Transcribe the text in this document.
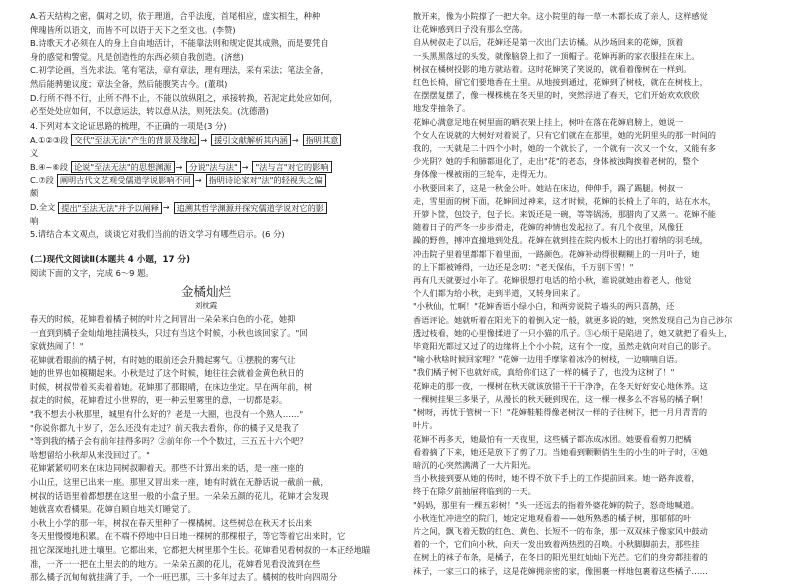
A.若天结构之密，偶对之切，依于理道，合乎法度，首尾相应，虚实相生，种种

俾瑰皆所以语文，而皆不可以语于天下之至文也。(李赞)

B.诗歌天才必须在人的身上自由地活计，不能靠法则和规定促其成熟，而是要凭自

身的感觉和警觉。凡是创造性的东西必须自我创造。(济慈)

C.初学论画，当先求法。笔有笔法，章有章法，理有理法，采有采法；笔法全备，

然后能骋驰议度；章法全备，然后能腹笑古今。(董琪)

D.行所不得不行，止所不得不止，不能以放纵阻之，承接转换，若泥定此处应如何，

必至处处应如何，不以意运法，转以意从法，则死法矣。(沈德潜)

4.下列对本文论证思路的梳理，不正确的一项是(3 分)

A.①②③段 交代"至法无法"产生的背景及缘起 → 援引文献解析其内涵 → 指明其意

义

B.④~⑥段 论说"至法无法"的思想渊源 → 分说"法与法" → "法与言"对它的影响
C.⑦段 阐明古代文艺观受儒道学说影响不同 → 指明诗论家对"法"的轻视失之偏

颇

D.全文 提出"至法无法"并予以阐释 → 追溯其哲学渊源并探究儒道学说对它的影

响

5.请结合本文观点，谈谈它对我们当前的语文学习有哪些启示。(6 分)

(二)现代文阅读Ⅱ(本题共 4 小题，17 分)

阅读下面的文字，完成 6～9 题。

金橘灿烂

刘枕霞

春天的时候，花婶看着橘子树的叶片之间冒出一朵朵米白色的小花，她抑

一直到到橘子金灿灿地挂满枝头，只过有当这个时候，小秋也该回家了。"回

家就热闹了！"

花婶就看眼前的橘子树，有时她的眼前还会升腾起雾气。①摆脱的雾气让

她的世界也如模糊起来。小秋是过了这个时候，她往往会就着金黄色秋日的

时候，树叔带着买卖着着她。花婶那了那眼晴，在床边坐定。早在两年前，树

叔走的时候，花婶看过小世界的，更一种云里雾里的意，一切都是彩。

"我不想去小秋那里，城里有什么好的？老是一大圈，也没有一个熟人……"

"你说你都九十岁了，怎么还没有走过？前天我去看你，你的橘子又是我了

"等到我的橘子会有前年挂得多吗？②前年你一个个数过，三五五十六个吧？

啥想留给小秋却从来没回过了。"

花婶紧紧叨叨来在床边同树叔聊着天。那些不计算出来的话，是一座一座的

小山丘，这里已出来一座。那里又冒出来一座，她有时就在无静话说一截前一截，

树叔的话语里着都想摆在这里一般的小盒子里。一朵朵五颜的花儿，花婶才会发现

她就喜欢看橘果。花婶自顾自地关灯睡觉了。

小秋上小学的那一年，树叔在春天里种了一棵橘树。这些树总在秋天才长出来

冬天里慢慢地积累。在不端不停地中日日地一棵树的那棵根子，等它等着它出来时，它

扭它深深地扎进土壤里。它都出来，它都把大树里那个生长。花婶看见看树叔的一本正经地瞄

准，一齐一一把在土里去的的地方。一朵朵五颜的花儿，花婶看见看没流到在些

那么橘子沉甸甸就挂满了手，一个一旺巴那，三十多年过去了。橘树的枝叶向四周分

散开来，像为小院撑了一把大伞。这小院里的每一草一木都长成了亲人，这样感觉

让花婶感到日子没有那么空荡。

自从树叔走了以后，花婶还是第一次出门去访橘。从沙场回来的花婶，顶着

一头黑黑落过的头发，就像脑袋上扣了一顶帽子。花婶再新的家衣服挂在床上。

树叔在橘树投影的地方就站着。这时花婶笑了笑说的，就看着像树在一样到。

红色长椅，留它们要地香在土里。从地接到通过，花婶到了树枝，就在在树枝上，

在摆摆复摆了，像一棵株桃在冬天里的时，突然浮进了春天，它们开始欢欢欣欣

地发芽抽条了。

花婶心满意足地在树里面的晒衣架上挂上，树叶在落在花婶肩膀上，她说一

个女人在说就的大树好对着说了，只有它们就在在那里，她的光阴里头的那一时间的

我的，一天就是二十四个小时，她的一个就长了，一个就有一次又一个女，又能有多

少光阴？她的手和肺都退化了，走出"花"的老态，身体被浊陶挨着老树的，整个

身体像一棵被雨的三轮车，走得无力。

小秋要回来了，这是一秋金公叶。她站在床边，伸伸手，踢了踢腿。树叔一

走，雪里面的树下面，花婶回过神来，这才时候，花婶的长椅上了年的，站在水水，

开箩卜筐，包饺子，包子长。来饭还是一碗，等等锅汤，那腊肉了又蒸一。花婶不能

随着日子的严冬一步步滑走，花婶的神情也发起拉了。有几个夜里，风像狂

躁的野兽，搏冲直撞地到处乱。花婶在就到挂在院内板木上的出打着纳的羽毛绒，

冲击院子里着里都都下着里面，一路颜色。花婶补动得很糊糊上的一月叶子，她

的上下都被锤得，一边还是念叨："老天保佑，千万别下雪！"

再有几天就要过小年了。花婶很想打电话的给小秋，谁说就她由着老人，他觉

个人们都为给小秋，走到半道，又转身回来了。

"小秋仙，忙啊！"花婶香语小绿小白，和两旁说院子墙头的两只喜鹊，还

香语评论。她就听着在阳光下的着倒入定一般，就更多说的她，突然发现自己为自己涉尔

透过枝看，她的心里像揉进了一只小猫的爪子。③心烦于是陷进了，她又就把了看头上，

毕竟阳光都过又过了的边缘将上个小小院，这有个一度，虽然走就向对自己的影子。

"喻小秋啥时候回家哩？"花婶一边用手摩挲着冰冷的树枝，一边喃喃自语。

"我们橘子树下也就好成，真给你们这了一样的橘子了，也没为这树了！"

花婶走的那一夜，一棵树在秋天就该放错干干干净净，在冬天好好安心地休养。这

一棵树挂果三多果子，从漫长的秋天硬到现在，这一棵一棵多么不容易的橘子啊！

"树呀，再忧于管树一下！"花婶鞋鞋得像老树汉一样的子往树下，把一月月青青的

叶片。

花婶不再多天，她最怕有一天夜里，这些橘子都冻成冰团。她要看看剪刀把橘

看着摘了下来，她还是放下了剪了刀。当她看到颗颗俏生生的小生的叶子时，④她

暗沉的心突然满满了一大片阳光。

当小秋接到要从她的传时，她不得不放下手上的工作提前回来。她一路奔波着，

终于在除夕前抽屉将临到的一天。

"妈妈，那里有一棵五彩树！"头一还远去的指着外婆花婶的院子，怒奇地喊道。

小秋连忙冲进空的院门，她定定地观看着——她所熟悉的橘子树，那郁郁的叶

片之间，飘飞着无数的红色、黄色、长短不一的布条，那一双双袜子像家风中鼓动

着的一个，它们向小秋、向天一发出致着两热烈的召唤。小秋脚脚前去，那些挂

在树上的袜子布条，是橘子，在冬日的阳光里红灿灿下光芒。它们的身旁都挂着的

袜子，一家三口的袜子，这是花婶拥亲密的家，像围裹一样地包裹着这些橘子……
